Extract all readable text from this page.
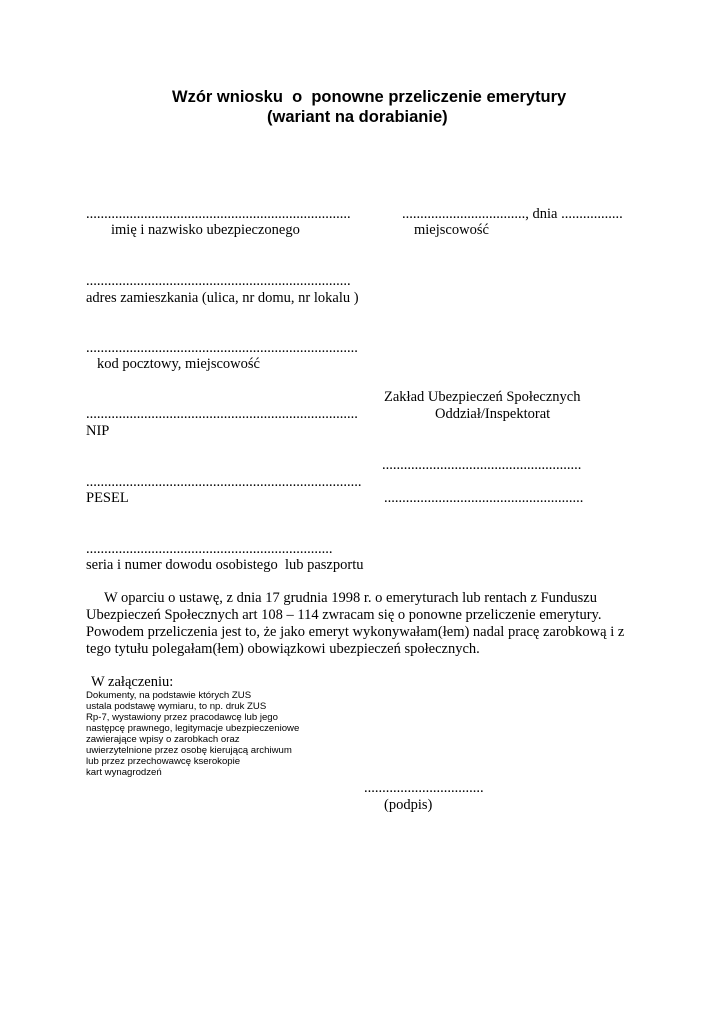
Wzór wniosku  o  ponowne przeliczenie emerytury
(wariant na dorabianie)
.........................................................................
imię i nazwisko ubezpieczonego
.........................................................................
adres zamieszkania (ulica, nr domu, nr lokalu )
...........................................................................
kod pocztowy, miejscowość
...........................................................................
NIP
............................................................................
PESEL
....................................................................
seria i numer dowodu osobistego  lub paszportu
.................................., dnia .................
miejscowość
Zakład Ubezpieczeń Społecznych
Oddział/Inspektorat
.......................................................
.......................................................
W oparciu o ustawę, z dnia 17 grudnia 1998 r. o emeryturach lub rentach z Funduszu Ubezpieczeń Społecznych art 108 – 114 zwracam się o ponowne przeliczenie emerytury. Powodem przeliczenia jest to, że jako emeryt wykonywałam(łem) nadal pracę zarobkową i z tego tytułu polegałam(łem) obowiązkowi ubezpieczeń społecznych.
W załączeniu:
Dokumenty, na podstawie których ZUS
ustala podstawę wymiaru, to np. druk ZUS
Rp-7, wystawiony przez pracodawcę lub jego
następcę prawnego, legitymacje ubezpieczeniowe
zawierające wpisy o zarobkach oraz
uwierzytelnione przez osobę kierującą archiwum
lub przez przechowawcę kserokopie
kart wynagrodzeń
.................................
(podpis)
